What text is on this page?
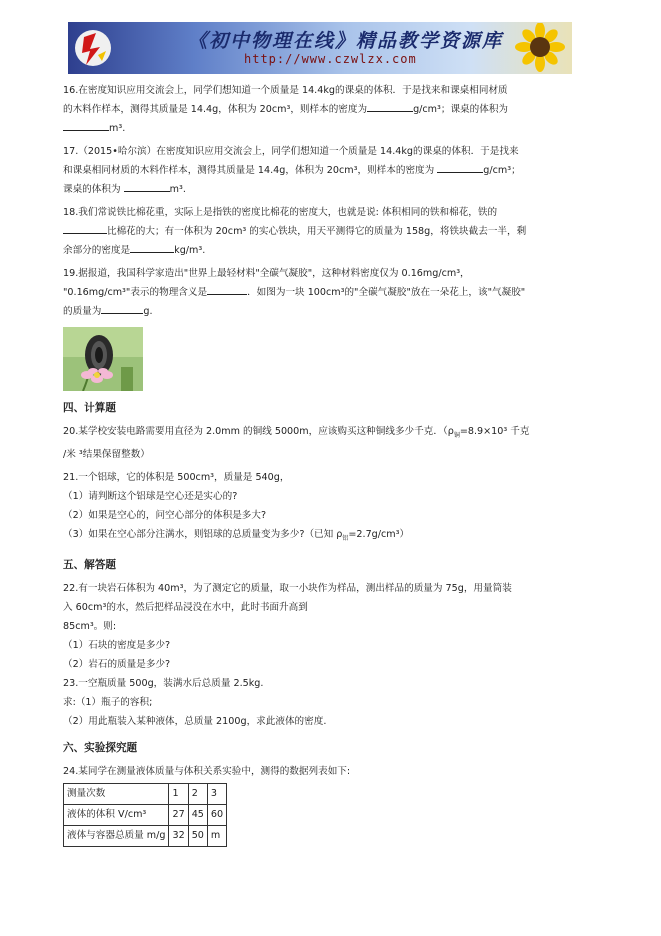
《初中物理在线》精品教学资源库
http://www.czwlzx.com

16.在密度知识应用交流会上，同学们想知道一个质量是 14.4kg的课桌的体积．于是找来和课桌相同材质

的木料作样本，测得其质量是 14.4g，体积为 20cm³，则样本的密度为	g/cm³；课桌的体积为

m³.

17.（2015•哈尔滨）在密度知识应用交流会上，同学们想知道一个质量是 14.4kg的课桌的体积．于是找来

和课桌相同材质的木料作样本，测得其质量是 14.4g，体积为 20cm³，则样本的密度为	g/cm³；

课桌的体积为	m³.

18.我们常说铁比棉花重，实际上是指铁的密度比棉花的密度大，也就是说: 体积相同的铁和棉花，铁的

比棉花的大；有一体积为 20cm³ 的实心铁块，用天平测得它的质量为 158g，将铁块截去一半，剩

余部分的密度是	kg/m³.

19.据报道，我国科学家造出"世界上最轻材料"全碳气凝胶"，这种材料密度仅为 0.16mg/cm³，

"0.16mg/cm³"表示的物理含义是	．如图为一块 100cm³的"全碳气凝胶"放在一朵花上，该"气凝胶"

的质量为	g.

四、计算题

20.某学校安装电路需要用直径为 2.0mm 的铜线 5000m，应该购买这种铜线多少千克．（$\rho_铜=8.9\times 10^3$ 千克

/米 ³结果保留整数）

21.一个铝球，它的体积是 500cm³，质量是 540g，

（1）请判断这个铝球是空心还是实心的?

（2）如果是空心的，问空心部分的体积是多大?

（3）如果在空心部分注满水，则铝球的总质量变为多少?（已知 $\rho_铝=2.7g/cm^3$）

五、解答题

22.有一块岩石体积为 40m³，为了测定它的质量，取一小块作为样品，测出样品的质量为 75g，用量筒装

入 60cm³的水，然后把样品浸没在水中，此时书面升高到

85cm³。则:

（1）石块的密度是多少?

（2）岩石的质量是多少?

23.一空瓶质量 500g，装满水后总质量 2.5kg.

求:（1）瓶子的容积;

（2）用此瓶装入某种液体，总质量 2100g，求此液体的密度.

六、实验探究题

24.某同学在测量液体质量与体积关系实验中，测得的数据列表如下:

测量次数	1	2	3
液体的体积 V/cm³	27	45	60
液体与容器总质量 m/g	32	50	m
